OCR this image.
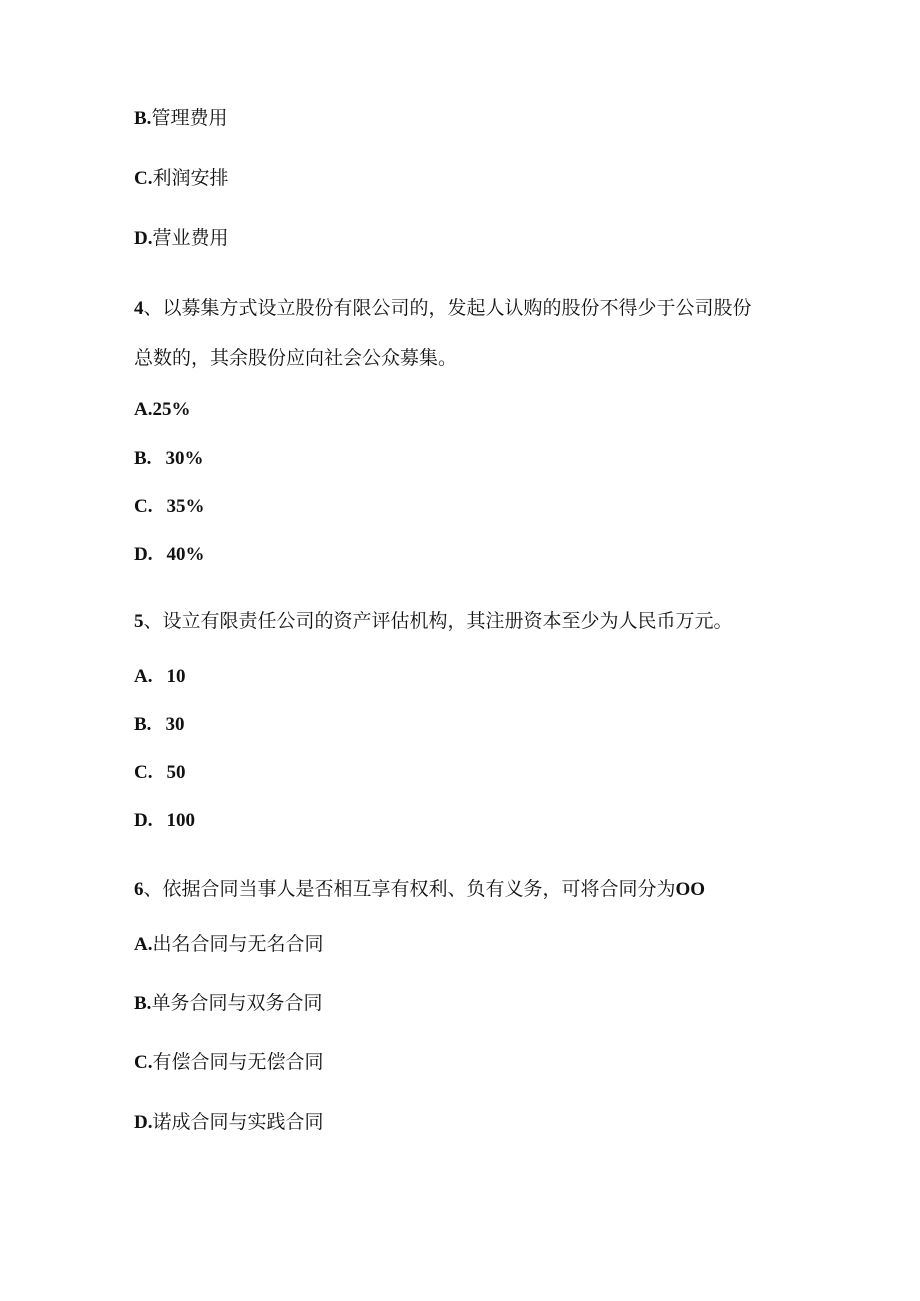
B.管理费用
C.利润安排
D.营业费用
4、以募集方式设立股份有限公司的，发起人认购的股份不得少于公司股份
总数的，其余股份应向社会公众募集。
A.25%
B. 30%
C. 35%
D. 40%
5、设立有限责任公司的资产评估机构，其注册资本至少为人民币万元。
A. 10
B. 30
C. 50
D. 100
6、依据合同当事人是否相互享有权利、负有义务，可将合同分为OO
A.出名合同与无名合同
B.单务合同与双务合同
C.有偿合同与无偿合同
D.诺成合同与实践合同
